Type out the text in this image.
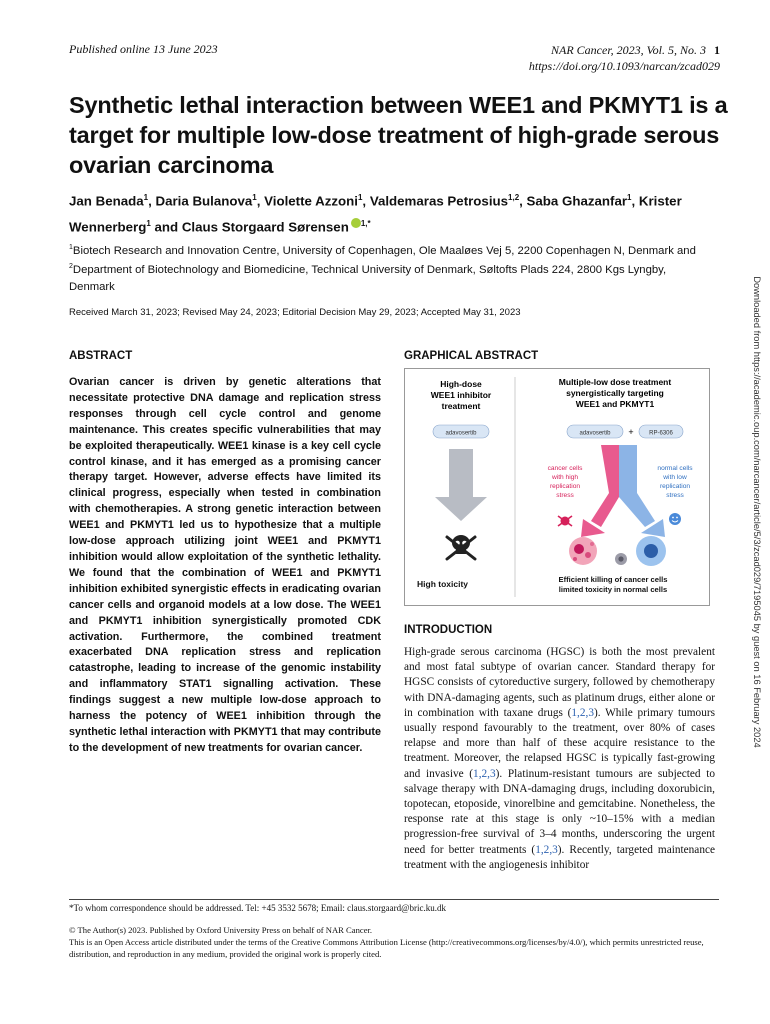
Published online 13 June 2023	NAR Cancer, 2023, Vol. 5, No. 3 1
https://doi.org/10.1093/narcan/zcad029
Synthetic lethal interaction between WEE1 and PKMYT1 is a target for multiple low-dose treatment of high-grade serous ovarian carcinoma
Jan Benada$^1$, Daria Bulanova$^1$, Violette Azzoni$^1$, Valdemaras Petrosius$^{1,2}$, Saba Ghazanfar$^1$, Krister Wennerberg$^1$ and Claus Storgaard Sørensen $^{1,*}$
$^1$Biotech Research and Innovation Centre, University of Copenhagen, Ole Maaløes Vej 5, 2200 Copenhagen N, Denmark and $^2$Department of Biotechnology and Biomedicine, Technical University of Denmark, Søltofts Plads 224, 2800 Kgs Lyngby, Denmark
Received March 31, 2023; Revised May 24, 2023; Editorial Decision May 29, 2023; Accepted May 31, 2023
ABSTRACT
Ovarian cancer is driven by genetic alterations that necessitate protective DNA damage and replication stress responses through cell cycle control and genome maintenance. This creates specific vulnerabilities that may be exploited therapeutically. WEE1 kinase is a key cell cycle control kinase, and it has emerged as a promising cancer therapy target. However, adverse effects have limited its clinical progress, especially when tested in combination with chemotherapies. A strong genetic interaction between WEE1 and PKMYT1 led us to hypothesize that a multiple low-dose approach utilizing joint WEE1 and PKMYT1 inhibition would allow exploitation of the synthetic lethality. We found that the combination of WEE1 and PKMYT1 inhibition exhibited synergistic effects in eradicating ovarian cancer cells and organoid models at a low dose. The WEE1 and PKMYT1 inhibition synergistically promoted CDK activation. Furthermore, the combined treatment exacerbated DNA replication stress and replication catastrophe, leading to increase of the genomic instability and inflammatory STAT1 signalling activation. These findings suggest a new multiple low-dose approach to harness the potency of WEE1 inhibition through the synthetic lethal interaction with PKMYT1 that may contribute to the development of new treatments for ovarian cancer.
GRAPHICAL ABSTRACT
High-dose WEE1 inhibitor treatment
Multiple-low dose treatment synergistically targeting WEE1 and PKMYT1
adavosertib	adavosertib +	RP-6306
High toxicity
cancer cells with high replication stress
normal cells with low replication stress
Efficient killing of cancer cells limited toxicity in normal cells
INTRODUCTION
High-grade serous carcinoma (HGSC) is both the most prevalent and most fatal subtype of ovarian cancer. Standard therapy for HGSC consists of cytoreductive surgery, followed by chemotherapy with DNA-damaging agents, such as platinum drugs, either alone or in combination with taxane drugs (1,2,3). While primary tumours usually respond favourably to the treatment, over 80% of cases relapse and more than half of these acquire resistance to the treatment. Moreover, the relapsed HGSC is typically fast-growing and invasive (1,2,3). Platinum-resistant tumours are subjected to salvage therapy with DNA-damaging drugs, including doxorubicin, topotecan, etoposide, vinorelbine and gemcitabine. Nonetheless, the response rate at this stage is only ~10–15% with a median progression-free survival of 3–4 months, underscoring the urgent need for better treatments (1,2,3). Recently, targeted maintenance treatment with the angiogenesis inhibitor
*To whom correspondence should be addressed. Tel: +45 3532 5678; Email: claus.storgaard@bric.ku.dk
© The Author(s) 2023. Published by Oxford University Press on behalf of NAR Cancer.
This is an Open Access article distributed under the terms of the Creative Commons Attribution License (http://creativecommons.org/licenses/by/4.0/), which permits unrestricted reuse, distribution, and reproduction in any medium, provided the original work is properly cited.
Downloaded from https://academic.oup.com/narcancer/article/5/3/zcad029/7195045 by guest on 16 February 2024
